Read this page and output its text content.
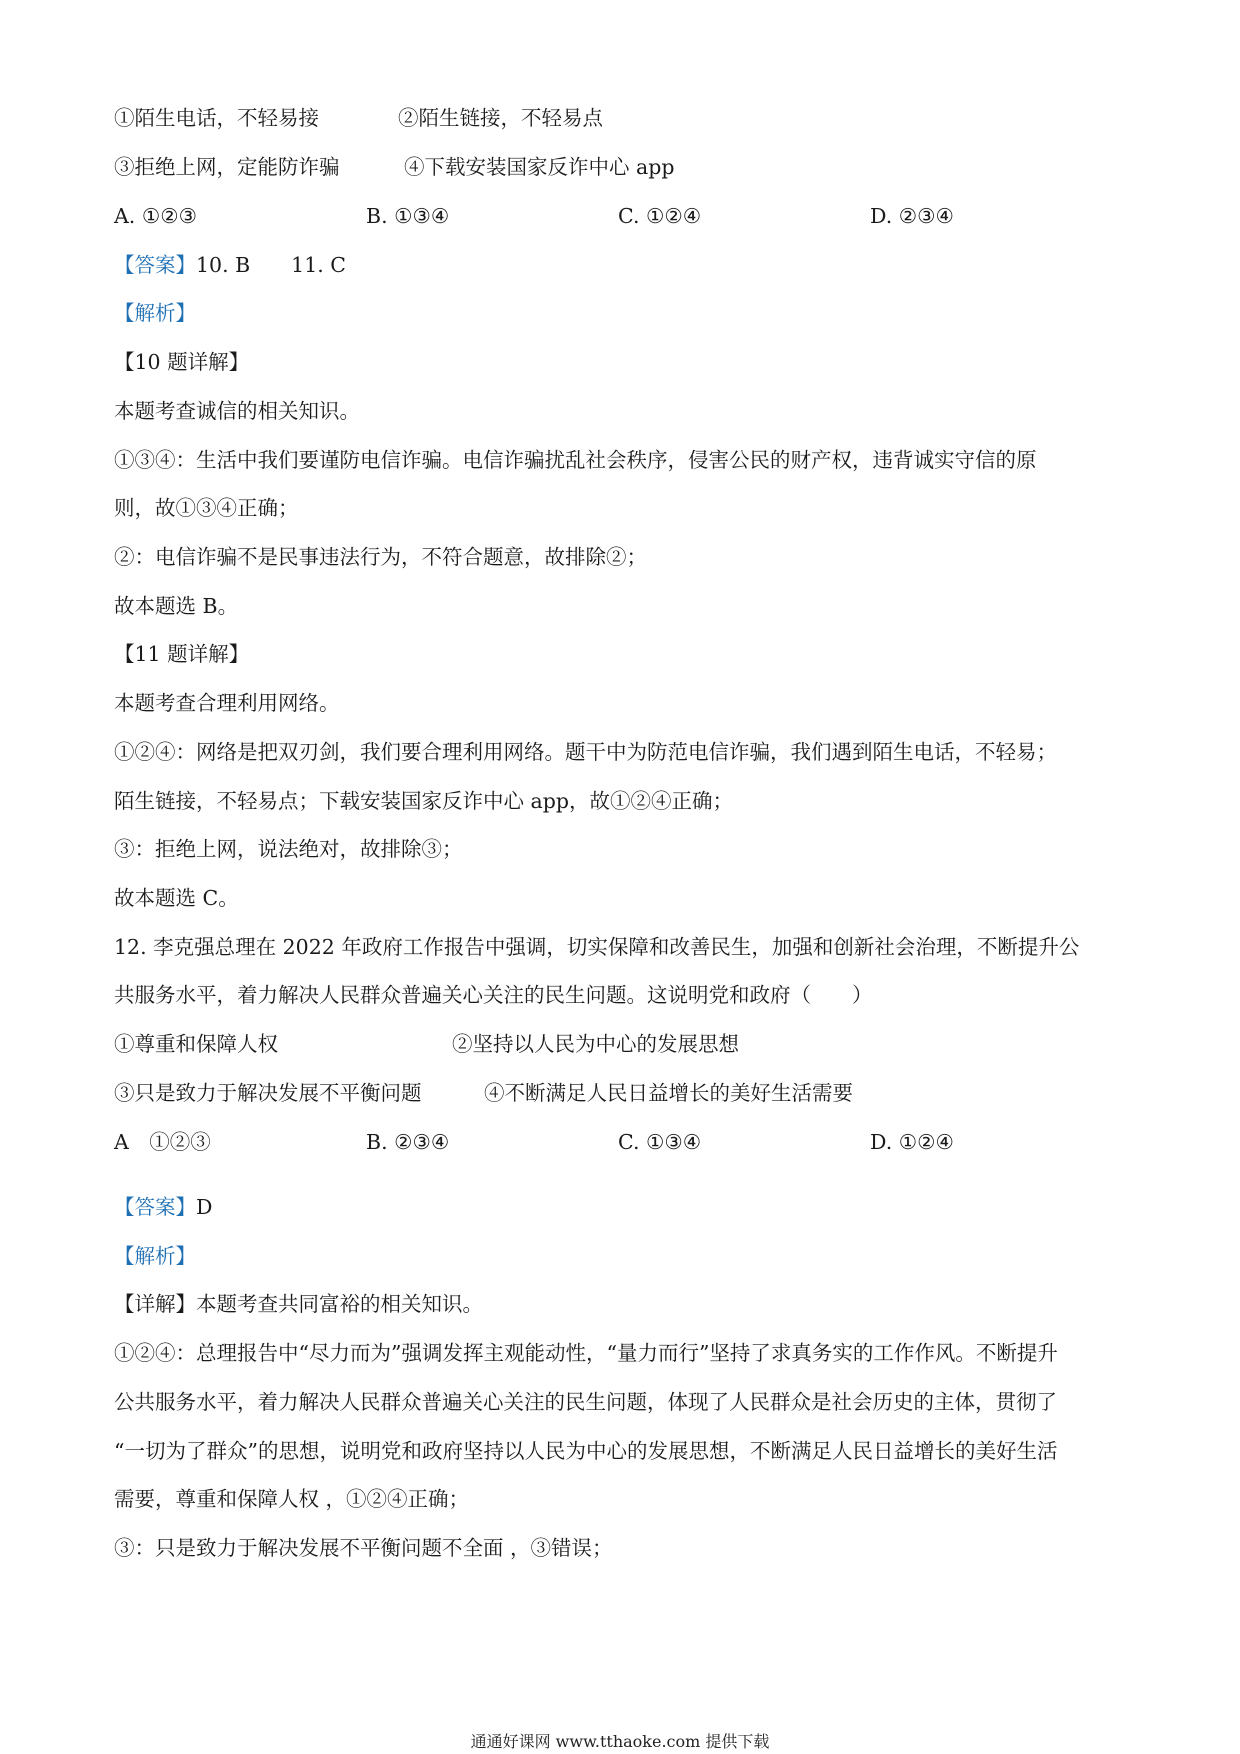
①陌生电话，不轻易接	②陌生链接，不轻易点
③拒绝上网，定能防诈骗	④下载安装国家反诈中心 app
A. ①②③	B. ①③④	C. ①②④	D. ②③④
【答案】10. B　　11. C
【解析】
【10 题详解】
本题考查诚信的相关知识。
①③④：生活中我们要谨防电信诈骗。电信诈骗扰乱社会秩序，侵害公民的财产权，违背诚实守信的原
则，故①③④正确；
②：电信诈骗不是民事违法行为，不符合题意，故排除②；
故本题选 B。
【11 题详解】
本题考查合理利用网络。
①②④：网络是把双刃剑，我们要合理利用网络。题干中为防范电信诈骗，我们遇到陌生电话，不轻易；
陌生链接，不轻易点；下载安装国家反诈中心 app，故①②④正确；
③：拒绝上网，说法绝对，故排除③；
故本题选 C。
12. 李克强总理在 2022 年政府工作报告中强调，切实保障和改善民生，加强和创新社会治理，不断提升公
共服务水平，着力解决人民群众普遍关心关注的民生问题。这说明党和政府（　　）
①尊重和保障人权	②坚持以人民为中心的发展思想
③只是致力于解决发展不平衡问题	④不断满足人民日益增长的美好生活需要
A　①②③	B. ②③④	C. ①③④	D. ①②④
【答案】D
【解析】
【详解】本题考查共同富裕的相关知识。
①②④：总理报告中“尽力而为”强调发挥主观能动性，“量力而行”坚持了求真务实的工作作风。不断提升
公共服务水平，着力解决人民群众普遍关心关注的民生问题，体现了人民群众是社会历史的主体，贯彻了
“一切为了群众”的思想，说明党和政府坚持以人民为中心的发展思想，不断满足人民日益增长的美好生活
需要，尊重和保障人权 ，①②④正确；
③：只是致力于解决发展不平衡问题不全面 ，③错误；
通通好课网 www.tthaoke.com 提供下载
